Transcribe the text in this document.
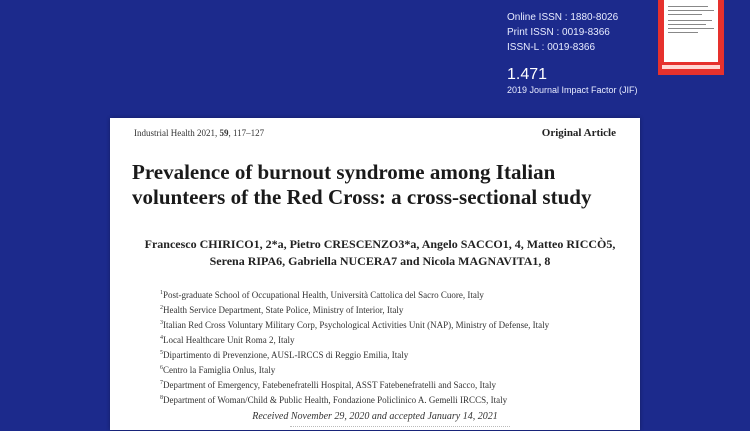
Online ISSN : 1880-8026
Print ISSN : 0019-8366
ISSN-L : 0019-8366
1.471
2019 Journal Impact Factor (JIF)
Industrial Health 2021, 59, 117–127	Original Article
Prevalence of burnout syndrome among Italian
volunteers of the Red Cross: a cross-sectional study
Francesco CHIRICO1, 2*a, Pietro CRESCENZO3*a, Angelo SACCO1, 4, Matteo RICCÒ5,
Serena RIPA6, Gabriella NUCERA7 and Nicola MAGNAVITA1, 8
$^1$Post-graduate School of Occupational Health, Università Cattolica del Sacro Cuore, Italy
$^2$Health Service Department, State Police, Ministry of Interior, Italy
$^3$Italian Red Cross Voluntary Military Corp, Psychological Activities Unit (NAP), Ministry of Defense, Italy
$^4$Local Healthcare Unit Roma 2, Italy
$^5$Dipartimento di Prevenzione, AUSL-IRCCS di Reggio Emilia, Italy
$^6$Centro la Famiglia Onlus, Italy
$^7$Department of Emergency, Fatebenefratelli Hospital, ASST Fatebenefratelli and Sacco, Italy
$^8$Department of Woman/Child & Public Health, Fondazione Policlinico A. Gemelli IRCCS, Italy
Received November 29, 2020 and accepted January 14, 2021
